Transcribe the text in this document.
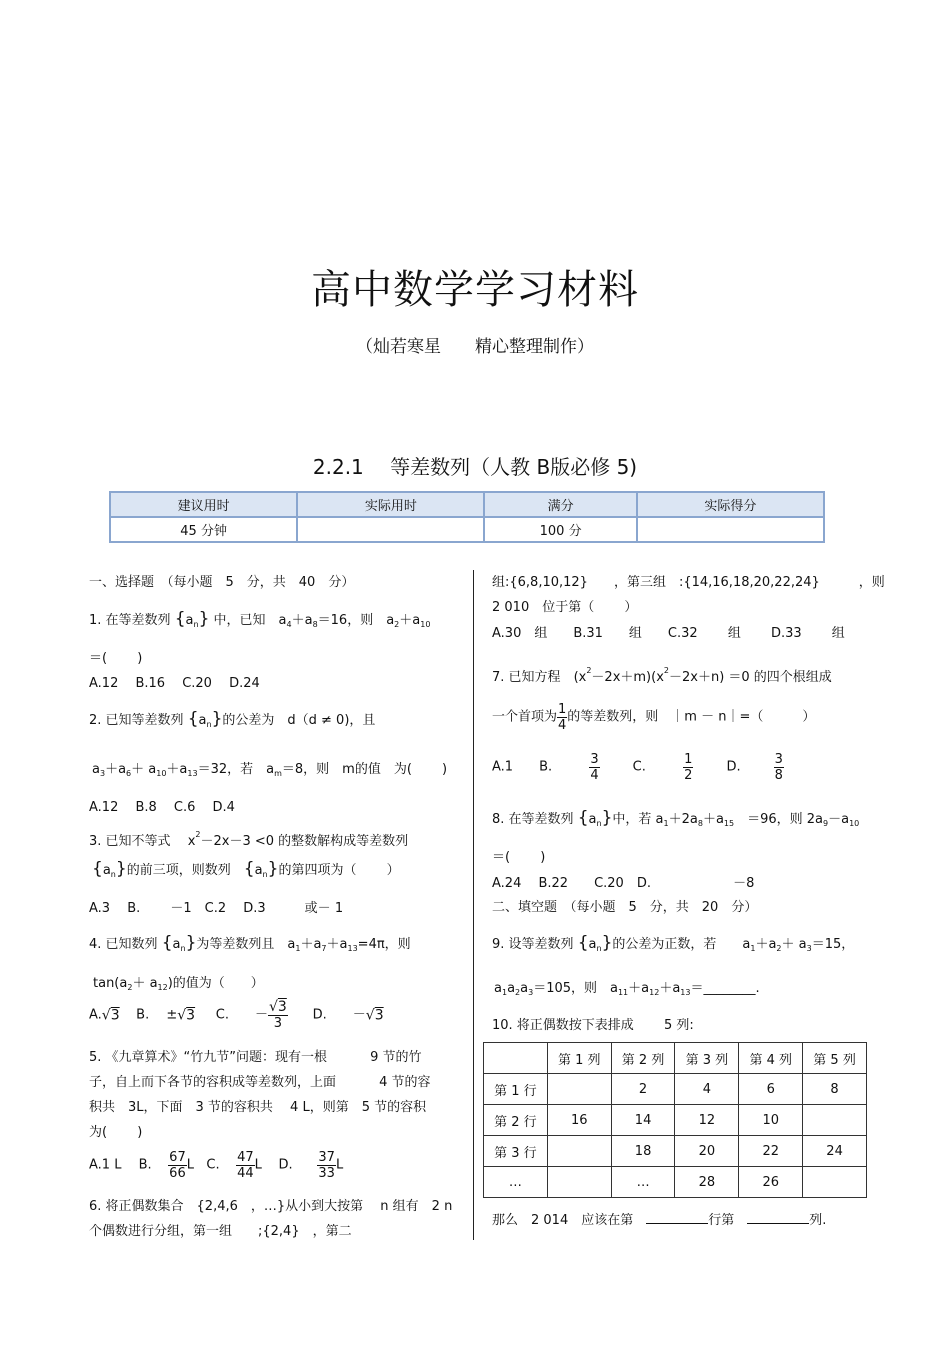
高中数学学习材料
（灿若寒星　　精心整理制作）
2.2.1　 等差数列（人教 B版必修 5)
建议用时	实际用时	满分	实际得分
45 分钟		100 分	
一、选择题　（每小题　5　分，共　40　分）
1. 在等差数列 $\{a_n\}$ 中，已知　$a_4+a_8=16$，则　$a_2+a_{10}$
＝(　　 )
A.12　 B.16　 C.20　 D.24
2. 已知等差数列 $\{a_n\}$的公差为　d（d ≠ 0)，且
$a_3+a_6+ a_{10}+a_{13}=32$，若　$a_m=8$，则　m的值　为(　　 )
A.12　 B.8　 C.6　 D.4
3. 已知不等式　 $x^2-2x-3 <0$ 的整数解构成等差数列
$\{a_n\}$的前三项，则数列　 $\{a_n\}$的第四项为（　　 ）
A.3　 B.　　 －1　C.2　 D.3　　　或－ 1
4. 已知数列 $\{a_n\}$为等差数列且　$a_1+a_7+a_{13}=4\pi$，则
$\tan(a_2+ a_{12})$的值为（　　）
A.√3 B.　 ±√3 C.　　－ $\frac{√3}{3} D$.　　－√3
5. 《九章算术》“竹九节”问题：现有一根　　　 9 节的竹
子，自上而下各节的容积成等差数列，上面　　　 4 节的容
积共　3L，下面　3 节的容积共　 4 L，则第　5 节的容积
为(　　 )
A.1 L　 B. $\frac{67}{66}$ L C. $\frac{47}{44}$ L D. $\frac{37}{33}$ L
6. 将正偶数集合　{2,4,6　，…}从小到大按第　 n 组有　2 n
个偶数进行分组，第一组　　;{2,4}　，第二
组:{6,8,10,12}　　，第三组　:{14,16,18,20,22,24}　　　，则
2 010　位于第（　　 ）
A.30　组　　B.31　　组　　C.32　　 组　　 D.33　　 组
7. 已知方程　 $(x^2-2x+m)(x^2-2x+n) =0$ 的四个根组成
一个首项为 $\frac{1}{4}$ 的等差数列，则　｜m － n｜=（　　　）
A.1　　B.	$\frac{3}{4}$	C.	$\frac{1}{2}$	D.	$\frac{3}{8}$
8. 在等差数列 $\{a_n\}$中，若 $a_1+2a_8+a_{15}$　＝96，则 $2a_9-a_{10}$
＝(　　 )
A.24　 B.22　　C.20　D.　　　　　　 －8
二、填空题　（每小题　5　分，共　20　分）
9. 设等差数列 $\{a_n\}$的公差为正数，若　　$a_1+a_2+ a_3=15$，
$a_1a_2a_3=105$，则　$a_{11}+a_{12}+a_{13}=\_\_\_\_\_\_\_\_$.
10. 将正偶数按下表排成　　 5 列:
	第 1 列	第 2 列	第 3 列	第 4 列	第 5 列
第 1 行		2	4	6	8
第 2 行	16	14	12	10	
第 3 行		18	20	22	24
…		…	28	26	
那么　2 014　应该在第　	行第　	列.
